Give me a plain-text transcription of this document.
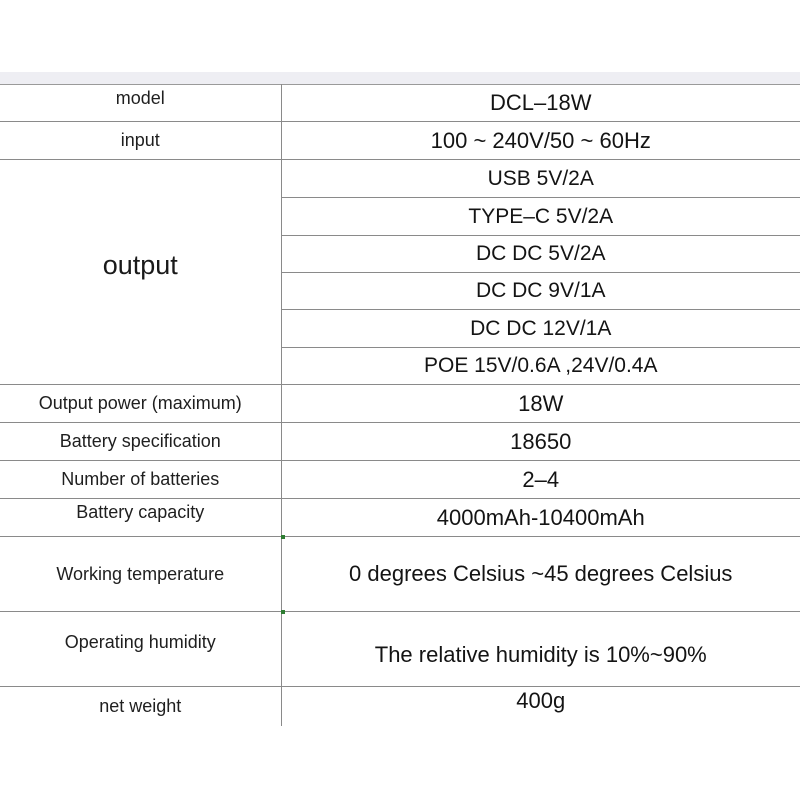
model	DCL–18W
input	100 ~ 240V/50 ~ 60Hz
output	USB 5V/2A
	TYPE–C 5V/2A
	DC DC 5V/2A
	DC DC 9V/1A
	DC DC 12V/1A
	POE 15V/0.6A ,24V/0.4A
Output power (maximum)	18W
Battery specification	18650
Number of batteries	2–4
Battery capacity	4000mAh-10400mAh
Working temperature	0 degrees Celsius ~45 degrees Celsius
Operating humidity	The relative humidity is 10%~90%
net weight	400g
